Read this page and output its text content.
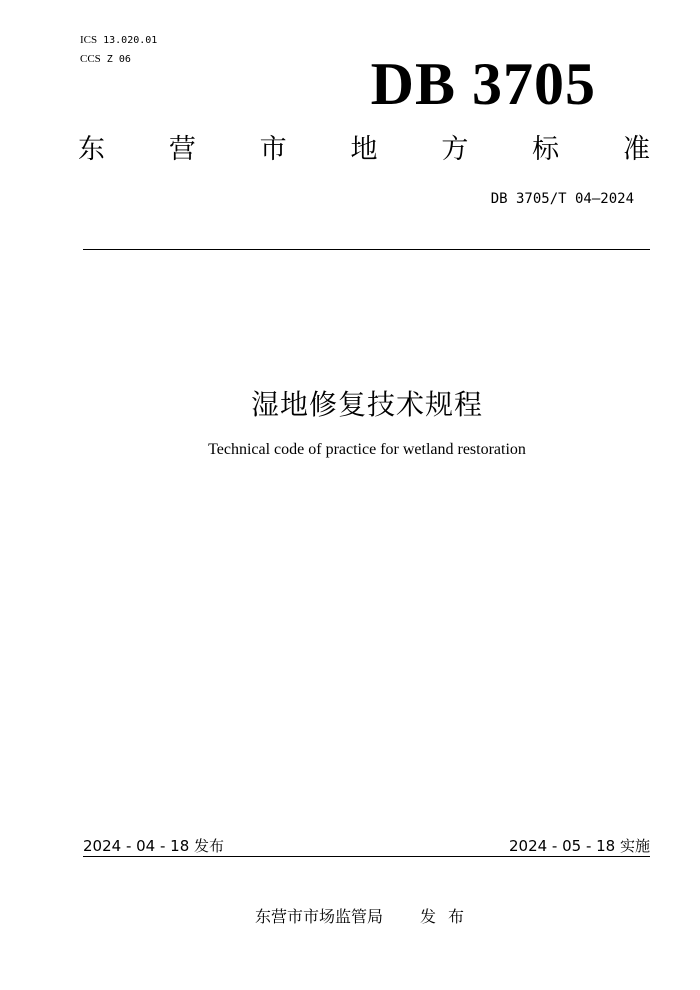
ICS 13.020.01
CCS Z 06	DB 3705
东 营 市 地 方 标 准
DB 3705/T 04—2024
湿地修复技术规程
Technical code of practice for wetland restoration
2024 - 04 - 18 发布	2024 - 05 - 18 实施
东营市市场监管局 发布
